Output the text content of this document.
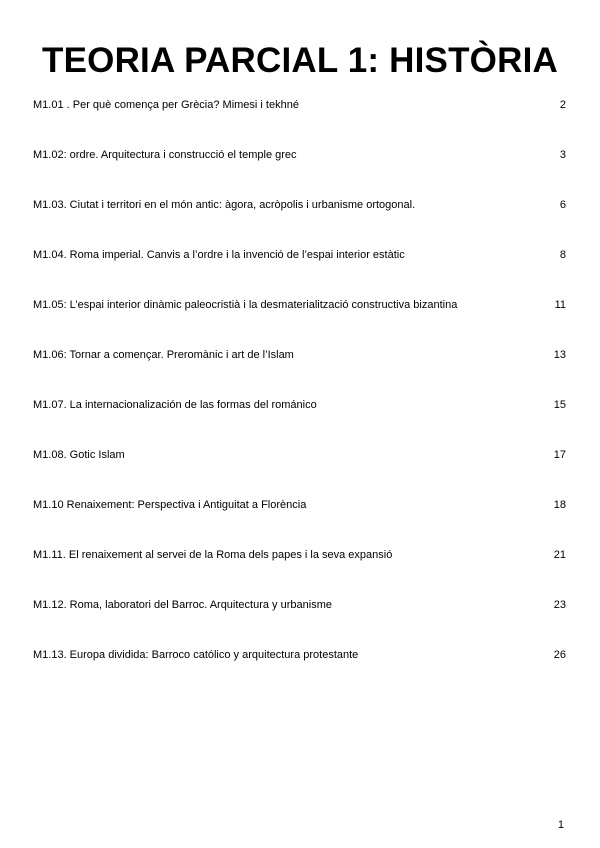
TEORIA PARCIAL 1: HISTÒRIA
M1.01 . Per què comença per Grècia? Mimesi i tekhné	2
M1.02: ordre. Arquitectura i construcció el temple grec	3
M1.03. Ciutat i territori en el món antic: àgora, acròpolis i urbanisme ortogonal.	6
M1.04. Roma imperial. Canvis a l’ordre i la invenció de l’espai interior estàtic	8
M1.05: L’espai interior dinàmic paleocristià i la desmaterialització constructiva bizantina	11
M1.06: Tornar a començar. Preromànic i art de l’Islam	13
M1.07. La internacionalización de las formas del románico	15
M1.08. Gotic Islam	17
M1.10 Renaixement: Perspectiva i Antiguitat a Florència	18
M1.11. El renaixement al servei de la Roma dels papes i la seva expansió	21
M1.12. Roma, laboratori del Barroc. Arquitectura y urbanisme	23
M1.13. Europa dividida: Barroco católico y arquitectura protestante	26
1
